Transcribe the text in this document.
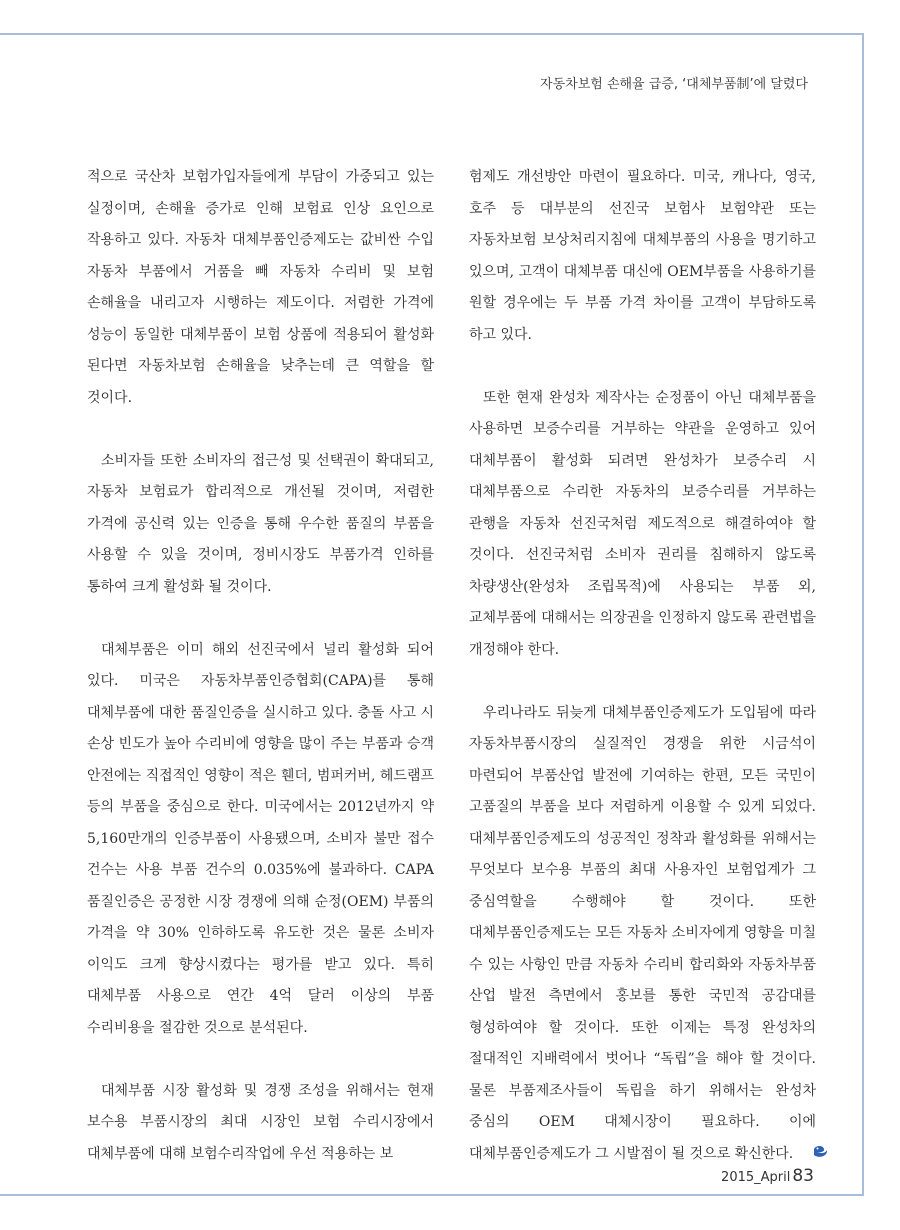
자동차보험 손해율 급증, ‘대체부품制’에 달렸다

적으로 국산차 보험가입자들에게 부담이 가중되고 있는 실정이며, 손해율 증가로 인해 보험료 인상 요인으로 작용하고 있다. 자동차 대체부품인증제도는 값비싼 수입 자동차 부품에서 거품을 빼 자동차 수리비 및 보험 손해율을 내리고자 시행하는 제도이다. 저렴한 가격에 성능이 동일한 대체부품이 보험 상품에 적용되어 활성화 된다면 자동차보험 손해율을 낮추는데 큰 역할을 할 것이다.

소비자들 또한 소비자의 접근성 및 선택권이 확대되고, 자동차 보험료가 합리적으로 개선될 것이며, 저렴한 가격에 공신력 있는 인증을 통해 우수한 품질의 부품을 사용할 수 있을 것이며, 정비시장도 부품가격 인하를 통하여 크게 활성화 될 것이다.

대체부품은 이미 해외 선진국에서 널리 활성화 되어 있다. 미국은 자동차부품인증협회(CAPA)를 통해 대체부품에 대한 품질인증을 실시하고 있다. 충돌 사고 시 손상 빈도가 높아 수리비에 영향을 많이 주는 부품과 승객 안전에는 직접적인 영향이 적은 휀더, 범퍼커버, 헤드램프 등의 부품을 중심으로 한다. 미국에서는 2012년까지 약 5,160만개의 인증부품이 사용됐으며, 소비자 불만 접수 건수는 사용 부품 건수의 0.035%에 불과하다. CAPA 품질인증은 공정한 시장 경쟁에 의해 순정(OEM) 부품의 가격을 약 30% 인하하도록 유도한 것은 물론 소비자 이익도 크게 향상시켰다는 평가를 받고 있다. 특히 대체부품 사용으로 연간 4억 달러 이상의 부품 수리비용을 절감한 것으로 분석된다.

대체부품 시장 활성화 및 경쟁 조성을 위해서는 현재 보수용 부품시장의 최대 시장인 보험 수리시장에서 대체부품에 대해 보험수리작업에 우선 적용하는 보

험제도 개선방안 마련이 필요하다. 미국, 캐나다, 영국, 호주 등 대부분의 선진국 보험사 보험약관 또는 자동차보험 보상처리지침에 대체부품의 사용을 명기하고 있으며, 고객이 대체부품 대신에 OEM부품을 사용하기를 원할 경우에는 두 부품 가격 차이를 고객이 부담하도록 하고 있다.

또한 현재 완성차 제작사는 순정품이 아닌 대체부품을 사용하면 보증수리를 거부하는 약관을 운영하고 있어 대체부품이 활성화 되려면 완성차가 보증수리 시 대체부품으로 수리한 자동차의 보증수리를 거부하는 관행을 자동차 선진국처럼 제도적으로 해결하여야 할 것이다. 선진국처럼 소비자 권리를 침해하지 않도록 차량생산(완성차 조립목적)에 사용되는 부품 외, 교체부품에 대해서는 의장권을 인정하지 않도록 관련법을 개정해야 한다.

우리나라도 뒤늦게 대체부품인증제도가 도입됨에 따라 자동차부품시장의 실질적인 경쟁을 위한 시금석이 마련되어 부품산업 발전에 기여하는 한편, 모든 국민이 고품질의 부품을 보다 저렴하게 이용할 수 있게 되었다. 대체부품인증제도의 성공적인 정착과 활성화를 위해서는 무엇보다 보수용 부품의 최대 사용자인 보험업계가 그 중심역할을 수행해야 할 것이다. 또한 대체부품인증제도는 모든 자동차 소비자에게 영향을 미칠 수 있는 사항인 만큼 자동차 수리비 합리화와 자동차부품 산업 발전 측면에서 홍보를 통한 국민적 공감대를 형성하여야 할 것이다. 또한 이제는 특정 완성차의 절대적인 지배력에서 벗어나 “독립”을 해야 할 것이다. 물론 부품제조사들이 독립을 하기 위해서는 완성차 중심의 OEM 대체시장이 필요하다. 이에 대체부품인증제도가 그 시발점이 될 것으로 확신한다.

2015_April 83
